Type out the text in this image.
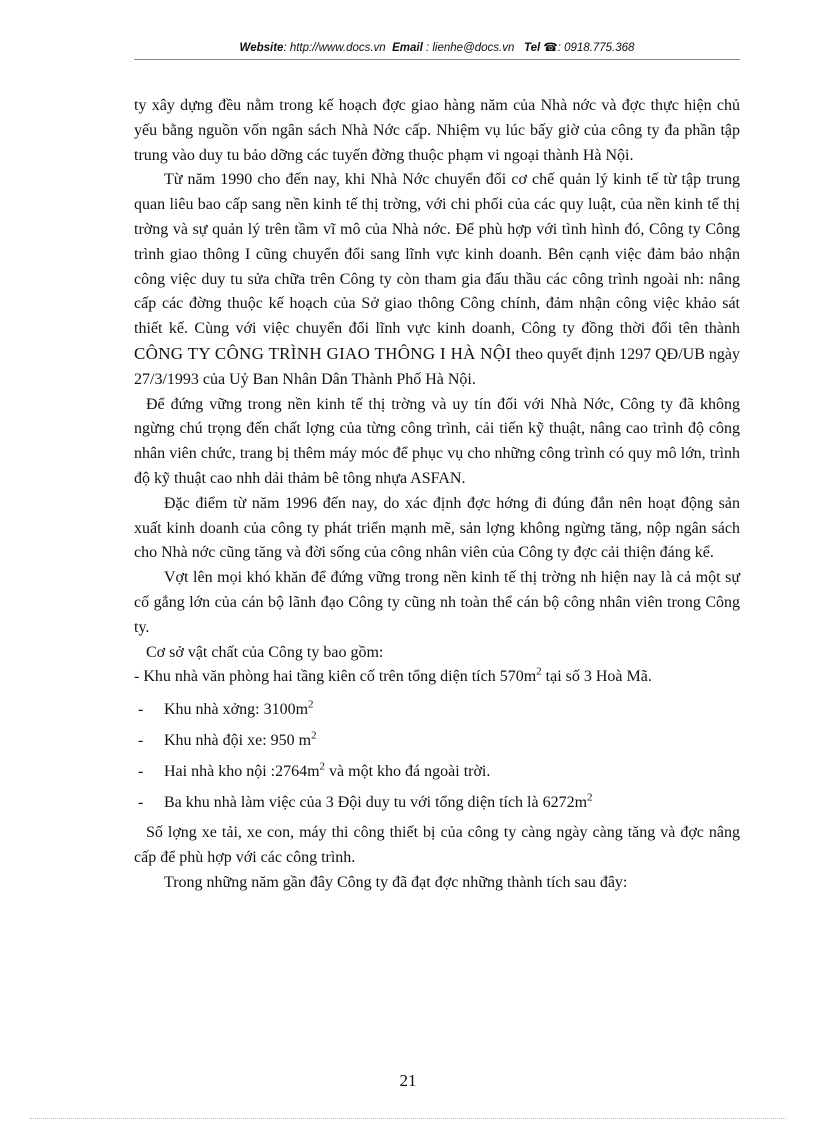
Website: http://www.docs.vn Email : lienhe@docs.vn Tel ☎: 0918.775.368

ty xây dựng đều nằm trong kế hoạch đợc giao hàng năm của Nhà nớc và đợc thực hiện chủ yếu bằng nguồn vốn ngân sách Nhà Nớc cấp. Nhiệm vụ lúc bấy giờ của công ty đa phần tập trung vào duy tu bảo dỡng các tuyến đờng thuộc phạm vi ngoại thành Hà Nội.

Từ năm 1990 cho đến nay, khi Nhà Nớc chuyển đổi cơ chế quản lý kinh tế từ tập trung quan liêu bao cấp sang nền kinh tế thị trờng, với chi phối của các quy luật, của nền kinh tế thị trờng và sự quản lý trên tầm vĩ mô của Nhà nớc. Để phù hợp với tình hình đó, Công ty Công trình giao thông I cũng chuyển đổi sang lĩnh vực kinh doanh. Bên cạnh việc đảm bảo nhận công việc duy tu sửa chữa trên Công ty còn tham gia đấu thầu các công trình ngoài nh: nâng cấp các đờng thuộc kế hoạch của Sở giao thông Công chính, đảm nhận công việc khảo sát thiết kế. Cùng với việc chuyển đổi lĩnh vực kinh doanh, Công ty đồng thời đổi tên thành CÔNG TY CÔNG TRÌNH GIAO THÔNG I HÀ NỘI theo quyết định 1297 QĐ/UB ngày 27/3/1993 của Uỷ Ban Nhân Dân Thành Phố Hà Nội.

Để đứng vững trong nền kinh tế thị trờng và uy tín đối với Nhà Nớc, Công ty đã không ngừng chú trọng đến chất lợng của từng công trình, cải tiến kỹ thuật, nâng cao trình độ công nhân viên chức, trang bị thêm máy móc để phục vụ cho những công trình có quy mô lớn, trình độ kỹ thuật cao nhh dải thảm bê tông nhựa ASFAN.

Đặc điểm từ năm 1996 đến nay, do xác định đợc hớng đi đúng đắn nên hoạt động sản xuất kinh doanh của công ty phát triển mạnh mẽ, sản lợng không ngừng tăng, nộp ngân sách cho Nhà nớc cũng tăng và đời sống của công nhân viên của Công ty đợc cải thiện đáng kể.

Vợt lên mọi khó khăn để đứng vững trong nền kinh tế thị trờng nh hiện nay là cả một sự cố gắng lớn của cán bộ lãnh đạo Công ty cũng nh toàn thể cán bộ công nhân viên trong Công ty.

Cơ sở vật chất của Công ty bao gồm:

- Khu nhà văn phòng hai tầng kiên cố trên tổng diện tích $570m^2$ tại số 3 Hoà Mã.

-	Khu nhà xởng: $3100m^2$
-	Khu nhà đội xe: 950 $m^2$
-	Hai nhà kho nội $:2764m^2$ và một kho đá ngoài trời.
-	Ba khu nhà làm việc của 3 Đội duy tu với tổng diện tích là $6272m^2$

Số lợng xe tải, xe con, máy thi công thiết bị của công ty càng ngày càng tăng và đợc nâng cấp để phù hợp với các công trình.

Trong những năm gần đây Công ty đã đạt đợc những thành tích sau đây:

21
